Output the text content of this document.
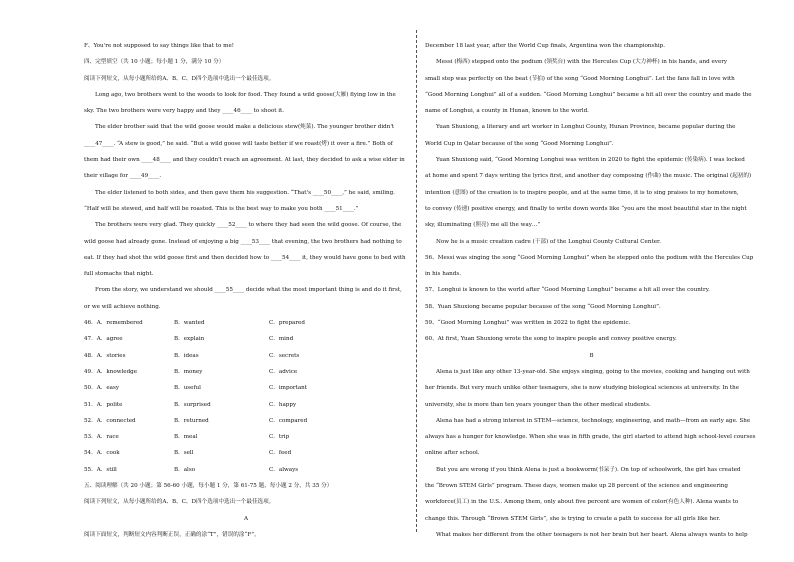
F、You're not supposed to say things like that to me!

四、完型填空（共 10 小题；每小题 1 分，满分 10 分）

阅读下列短文，从每小题所给的A、B、C、D四个选项中选出一个最佳选项。

Long ago, two brothers went to the woods to look for food. They found a wild goose(大雁) flying low in the

sky. The two brothers were very happy and they ____46____ to shoot it.

The elder brother said that the wild goose would make a delicious stew(炖菜). The younger brother didn't

____47____. “A stew is good,” he said. “But a wild goose will taste better if we roast(烤) it over a fire.” Both of

them had their own ____48____ and they couldn't reach an agreement. At last, they decided to ask a wise elder in

their village for ____49____.

The elder listened to both sides, and then gave them his suggestion. “That's ____50____,” he said, smiling.

“Half will be stewed, and half will be roasted. This is the best way to make you both ____51____.”

The brothers were very glad. They quickly ____52____ to where they had seen the wild goose. Of course, the

wild goose had already gone. Instead of enjoying a big ____53____ that evening, the two brothers had nothing to

eat. If they had shot the wild goose first and then decided how to ____54____ it, they would have gone to bed with

full stomachs that night.

From the story, we understand we should ____55____ decide what the most important thing is and do it first,

or we will achieve nothing.

46．A．remembered	B．wanted	C．prepared
47．A．agree	B．explain	C．mind
48．A．stories	B．ideas	C．secrets
49．A．knowledge	B．money	C．advice
50．A．easy	B．useful	C．important
51．A．polite	B．surprised	C．happy
52．A．connected	B．returned	C．compared
53．A．race	B．meal	C．trip
54．A．cook	B．sell	C．feed
55．A．still	B．also	C．always

五、阅读理解（共 20 小题；第 56-60 小题，每小题 1 分，第 61-75 题，每小题 2 分，共 35 分）

阅读下列短文，从每小题所给的A、B、C、D四个选项中选出一个最佳选项。

A

阅读下面短文，判断短文内容判断正误，正确的涂“T”，错误的涂“F”。

December 18 last year, after the World Cup finals, Argentina won the championship.

Messi (梅西) stepped onto the podium (领奖台) with the Hercules Cup (大力神杯) in his hands, and every

small step was perfectly on the beat (节拍) of the song “Good Morning Longhui”. Let the fans fall in love with

“Good Morning Longhui” all of a sudden. “Good Morning Longhui” became a hit all over the country and made the

name of Longhui, a county in Hunan, known to the world.

Yuan Shuxiong, a literary and art worker in Longhui County, Hunan Province, became popular during the

World Cup in Qatar because of the song “Good Morning Longhui”.

Yuan Shuxiong said, “Good Morning Longhui was written in 2020 to fight the epidemic (传染病). I was locked

at home and spent 7 days writing the lyrics first, and another day composing (作曲) the music. The original (起初的)

intention (意图) of the creation is to inspire people, and at the same time, it is to sing praises to my hometown,

to convey (传递) positive energy, and finally to write down words like “you are the most beautiful star in the night

sky, illuminating (照亮) me all the way…”

Now he is a music creation cadre (干部) of the Longhui County Cultural Center.

56、Messi was singing the song “Good Morning Longhui” when he stepped onto the podium with the Hercules Cup

in his hands.

57、Longhui is known to the world after “Good Morning Longhui” became a hit all over the country.

58、Yuan Shuxiong became popular because of the song “Good Morning Longhui”.

59、“Good Morning Longhui” was written in 2022 to fight the epidemic.

60、At first, Yuan Shuxiong wrote the song to inspire people and convey positive energy.

B

Alena is just like any other 13-year-old. She enjoys singing, going to the movies, cooking and hanging out with

her friends. But very much unlike other teenagers, she is now studying biological sciences at university. In the

university, she is more than ten years younger than the other medical students.

Alena has had a strong interest in STEM—science, technology, engineering, and math—from an early age. She

always has a hunger for knowledge. When she was in fifth grade, the girl started to attend high school-level courses

online after school.

But you are wrong if you think Alena is just a bookworm(书呆子). On top of schoolwork, the girl has created

the “Brown STEM Girls” program. These days, women make up 28 percent of the science and engineering

workforce(员工) in the U.S.. Among them, only about five percent are women of color(有色人种). Alena wants to

change this. Through “Brown STEM Girls”, she is trying to create a path to success for all girls like her.

What makes her different from the other teenagers is not her brain but her heart. Alena always wants to help
